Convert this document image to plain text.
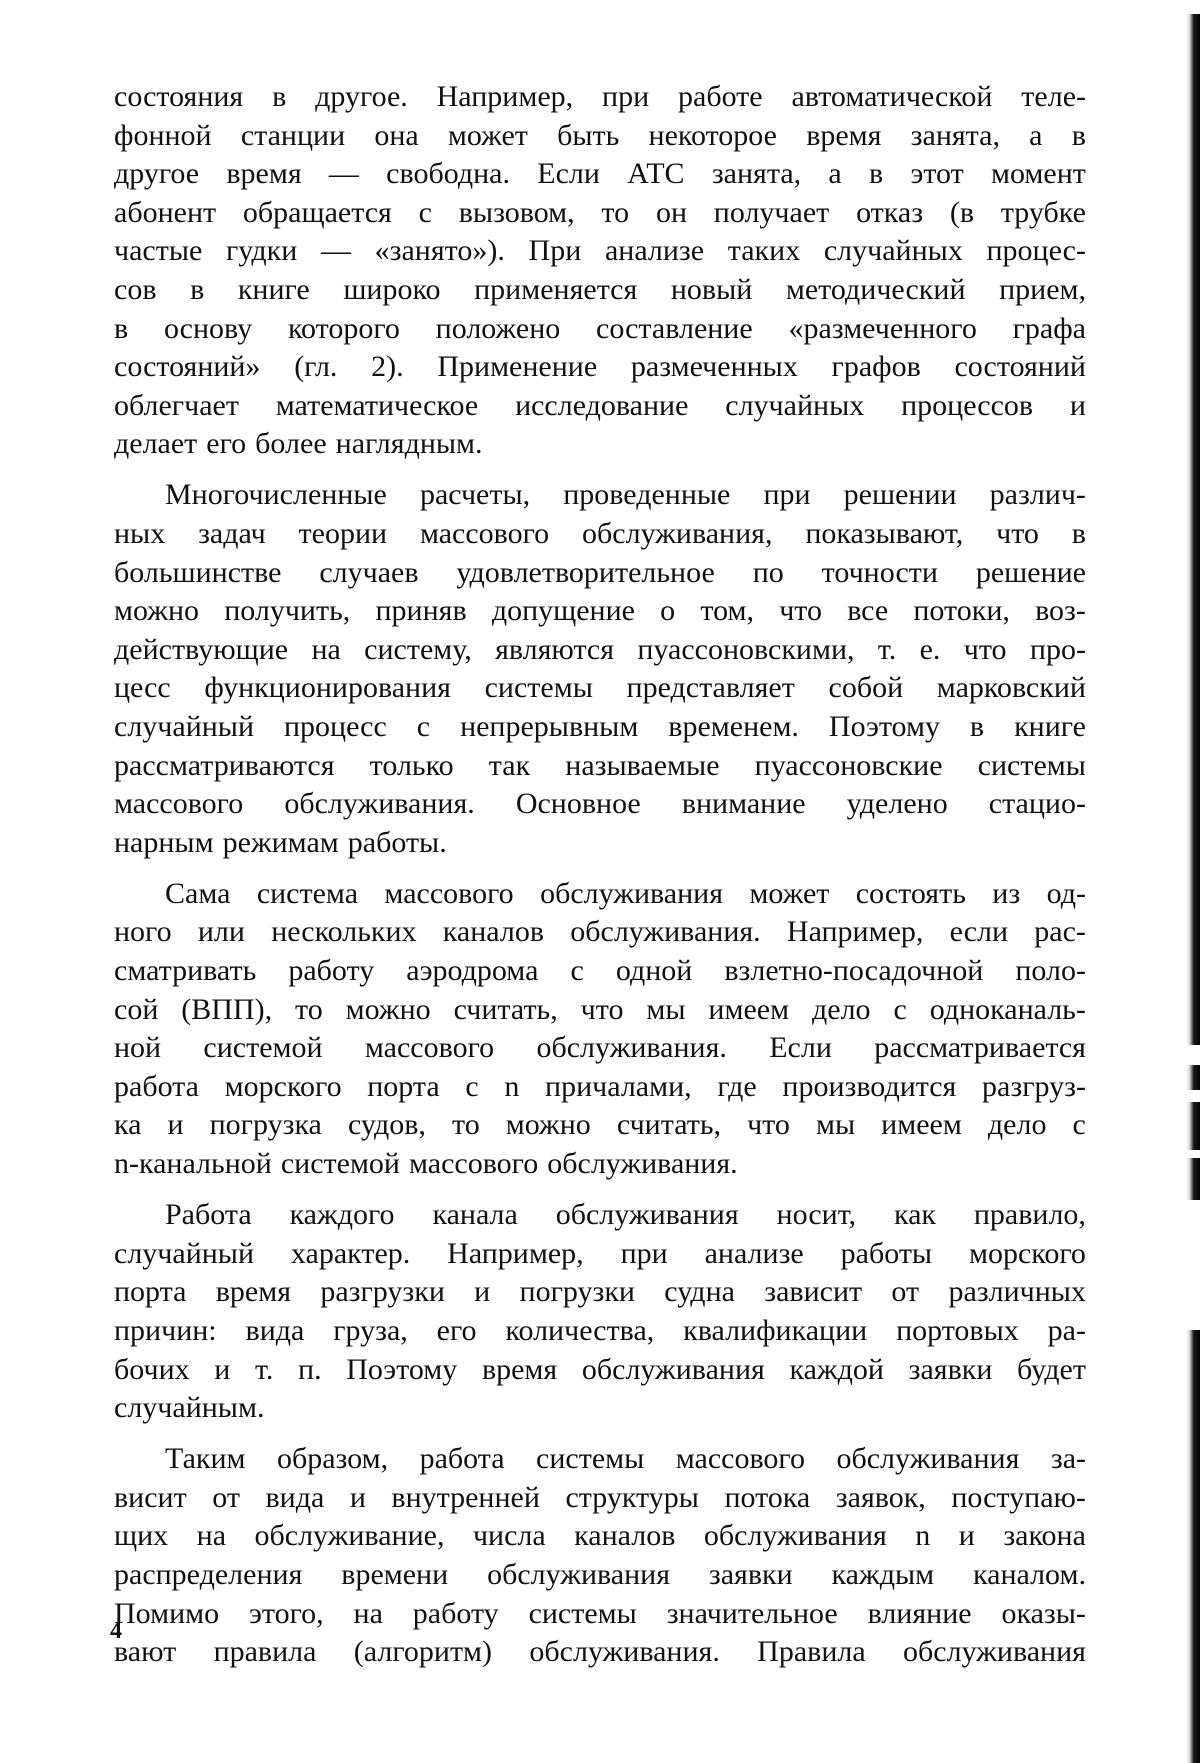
состояния в другое. Например, при работе автоматической теле-
фонной станции она может быть некоторое время занята, а в
другое время — свободна. Если АТС занята, а в этот момент
абонент обращается с вызовом, то он получает отказ (в трубке
частые гудки — «занято»). При анализе таких случайных процес-
сов в книге широко применяется новый методический прием,
в основу которого положено составление «размеченного графа
состояний» (гл. 2). Применение размеченных графов состояний
облегчает математическое исследование случайных процессов и
делает его более наглядным.
Многочисленные расчеты, проведенные при решении различ-
ных задач теории массового обслуживания, показывают, что в
большинстве случаев удовлетворительное по точности решение
можно получить, приняв допущение о том, что все потоки, воз-
действующие на систему, являются пуассоновскими, т. е. что про-
цесс функционирования системы представляет собой марковский
случайный процесс с непрерывным временем. Поэтому в книге
рассматриваются только так называемые пуассоновские системы
массового обслуживания. Основное внимание уделено стацио-
нарным режимам работы.
Сама система массового обслуживания может состоять из од-
ного или нескольких каналов обслуживания. Например, если рас-
сматривать работу аэродрома с одной взлетно-посадочной поло-
сой (ВПП), то можно считать, что мы имеем дело с одноканаль-
ной системой массового обслуживания. Если рассматривается
работа морского порта с n причалами, где производится разгруз-
ка и погрузка судов, то можно считать, что мы имеем дело с
n-канальной системой массового обслуживания.
Работа каждого канала обслуживания носит, как правило,
случайный характер. Например, при анализе работы морского
порта время разгрузки и погрузки судна зависит от различных
причин: вида груза, его количества, квалификации портовых ра-
бочих и т. п. Поэтому время обслуживания каждой заявки будет
случайным.
Таким образом, работа системы массового обслуживания за-
висит от вида и внутренней структуры потока заявок, поступаю-
щих на обслуживание, числа каналов обслуживания n и закона
распределения времени обслуживания заявки каждым каналом.
Помимо этого, на работу системы значительное влияние оказы-
вают правила (алгоритм) обслуживания. Правила обслуживания
4
